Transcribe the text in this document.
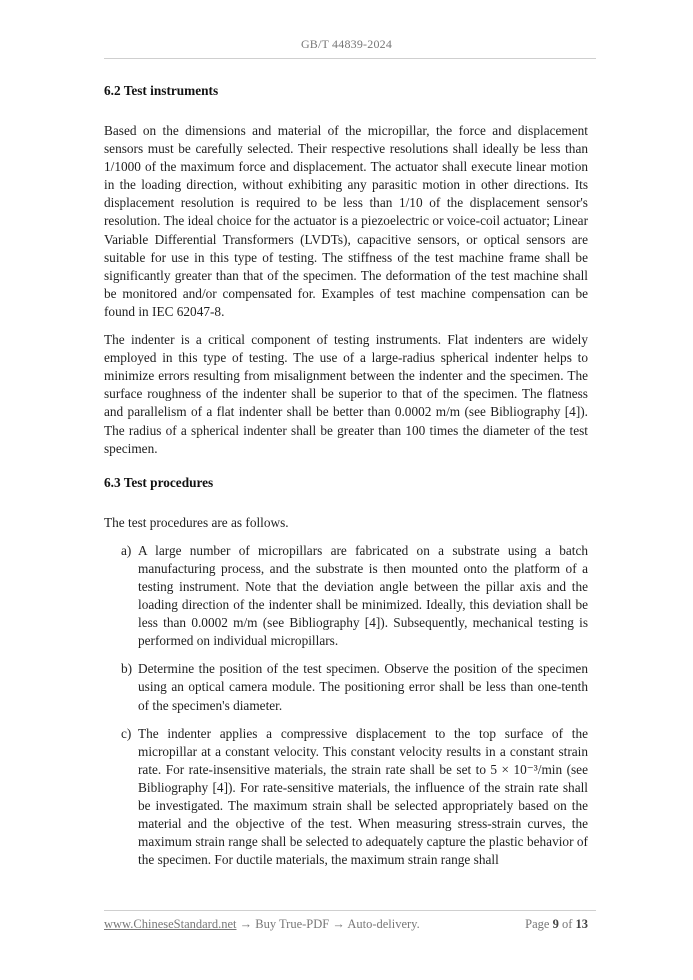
GB/T 44839-2024
6.2 Test instruments

Based on the dimensions and material of the micropillar, the force and displacement sensors must be carefully selected. Their respective resolutions shall ideally be less than 1/1000 of the maximum force and displacement. The actuator shall execute linear motion in the loading direction, without exhibiting any parasitic motion in other directions. Its displacement resolution is required to be less than 1/10 of the displacement sensor's resolution. The ideal choice for the actuator is a piezoelectric or voice-coil actuator; Linear Variable Differential Transformers (LVDTs), capacitive sensors, or optical sensors are suitable for use in this type of testing. The stiffness of the test machine frame shall be significantly greater than that of the specimen. The deformation of the test machine shall be monitored and/or compensated for. Examples of test machine compensation can be found in IEC 62047-8.

The indenter is a critical component of testing instruments. Flat indenters are widely employed in this type of testing. The use of a large-radius spherical indenter helps to minimize errors resulting from misalignment between the indenter and the specimen. The surface roughness of the indenter shall be superior to that of the specimen. The flatness and parallelism of a flat indenter shall be better than 0.0002 m/m (see Bibliography [4]). The radius of a spherical indenter shall be greater than 100 times the diameter of the test specimen.

6.3 Test procedures

The test procedures are as follows.

a) A large number of micropillars are fabricated on a substrate using a batch manufacturing process, and the substrate is then mounted onto the platform of a testing instrument. Note that the deviation angle between the pillar axis and the loading direction of the indenter shall be minimized. Ideally, this deviation shall be less than 0.0002 m/m (see Bibliography [4]). Subsequently, mechanical testing is performed on individual micropillars.
b) Determine the position of the test specimen. Observe the position of the specimen using an optical camera module. The positioning error shall be less than one-tenth of the specimen's diameter.
c) The indenter applies a compressive displacement to the top surface of the micropillar at a constant velocity. This constant velocity results in a constant strain rate. For rate-insensitive materials, the strain rate shall be set to 5 × 10⁻³/min (see Bibliography [4]). For rate-sensitive materials, the influence of the strain rate shall be investigated. The maximum strain shall be selected appropriately based on the material and the objective of the test. When measuring stress-strain curves, the maximum strain range shall be selected to adequately capture the plastic behavior of the specimen. For ductile materials, the maximum strain range shall
www.ChineseStandard.net → Buy True-PDF → Auto-delivery.	Page 9 of 13
